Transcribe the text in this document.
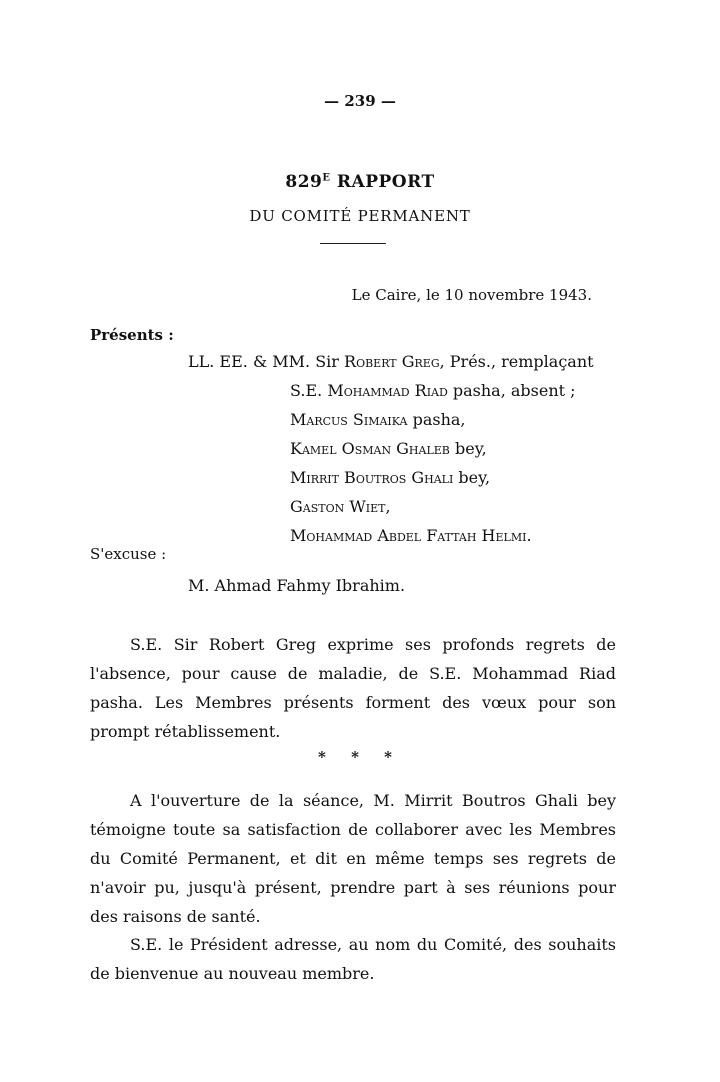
— 239 —
$829^E$ RAPPORT
DU COMITÉ PERMANENT
Le Caire, le 10 novembre 1943.
Présents :
LL. EE. & MM. Sir Robert Greg, Prés., remplaçant
S.E. Mohammad Riad pasha, absent ;
Marcus Simaika pasha,
Kamel Osman Ghaleb bey,
Mirrit Boutros Ghali bey,
Gaston Wiet,
Mohammad Abdel Fattah Helmi.
S'excuse :
M. Ahmad Fahmy Ibrahim.
S.E. Sir Robert Greg exprime ses profonds regrets de l'absence, pour cause de maladie, de S.E. Mohammad Riad pasha. Les Membres présents forment des vœux pour son prompt rétablissement.
* * *
A l'ouverture de la séance, M. Mirrit Boutros Ghali bey témoigne toute sa satisfaction de collaborer avec les Membres du Comité Permanent, et dit en même temps ses regrets de n'avoir pu, jusqu'à présent, prendre part à ses réunions pour des raisons de santé.
S.E. le Président adresse, au nom du Comité, des souhaits de bienvenue au nouveau membre.
